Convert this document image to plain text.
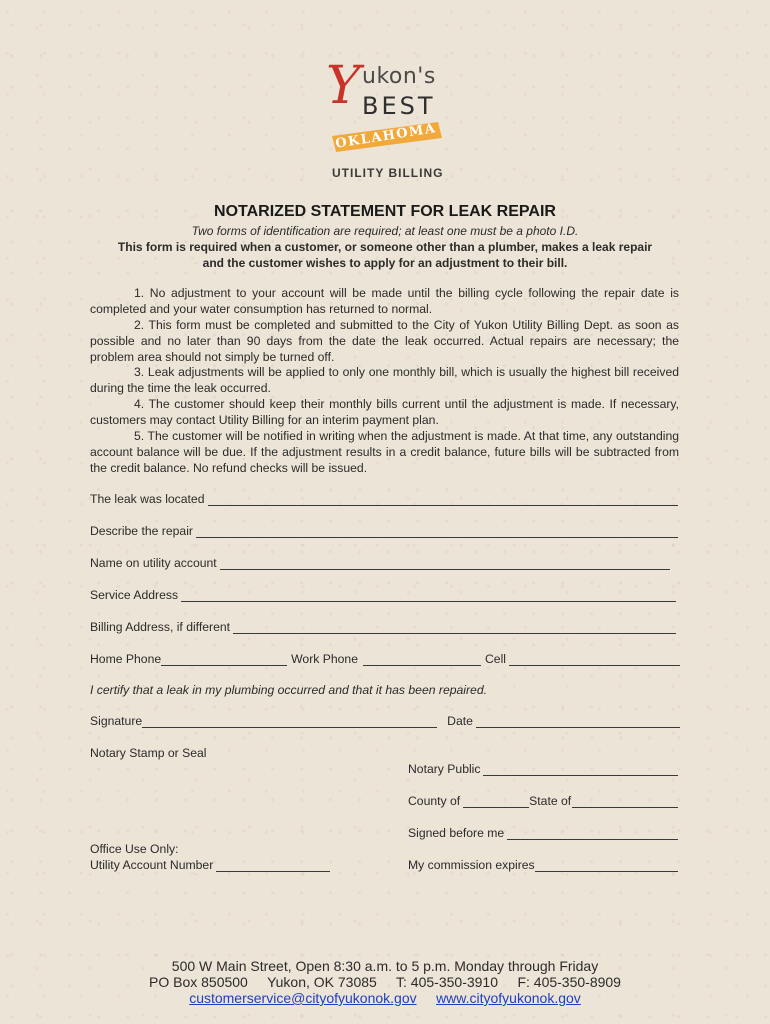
Y ukon's
BEST
OKLAHOMA
UTILITY BILLING
NOTARIZED STATEMENT FOR LEAK REPAIR
Two forms of identification are required; at least one must be a photo I.D.
This form is required when a customer, or someone other than a plumber, makes a leak repair
and the customer wishes to apply for an adjustment to their bill.
1. No adjustment to your account will be made until the billing cycle following the repair date is completed and your water consumption has returned to normal.
2. This form must be completed and submitted to the City of Yukon Utility Billing Dept. as soon as possible and no later than 90 days from the date the leak occurred. Actual repairs are necessary; the problem area should not simply be turned off.
3. Leak adjustments will be applied to only one monthly bill, which is usually the highest bill received during the time the leak occurred.
4. The customer should keep their monthly bills current until the adjustment is made. If necessary, customers may contact Utility Billing for an interim payment plan.
5. The customer will be notified in writing when the adjustment is made. At that time, any outstanding account balance will be due. If the adjustment results in a credit balance, future bills will be subtracted from the credit balance. No refund checks will be issued.
The leak was located
Describe the repair
Name on utility account
Service Address
Billing Address, if different
Home Phone	Work Phone	Cell
I certify that a leak in my plumbing occurred and that it has been repaired.
Signature	Date
Notary Stamp or Seal
Notary Public
County of	State of
Signed before me
Office Use Only:
Utility Account Number	My commission expires
500 W Main Street, Open 8:30 a.m. to 5 p.m. Monday through Friday
PO Box 850500 Yukon, OK 73085 T: 405-350-3910 F: 405-350-8909
customerservice@cityofyukonok.gov www.cityofyukonok.gov
